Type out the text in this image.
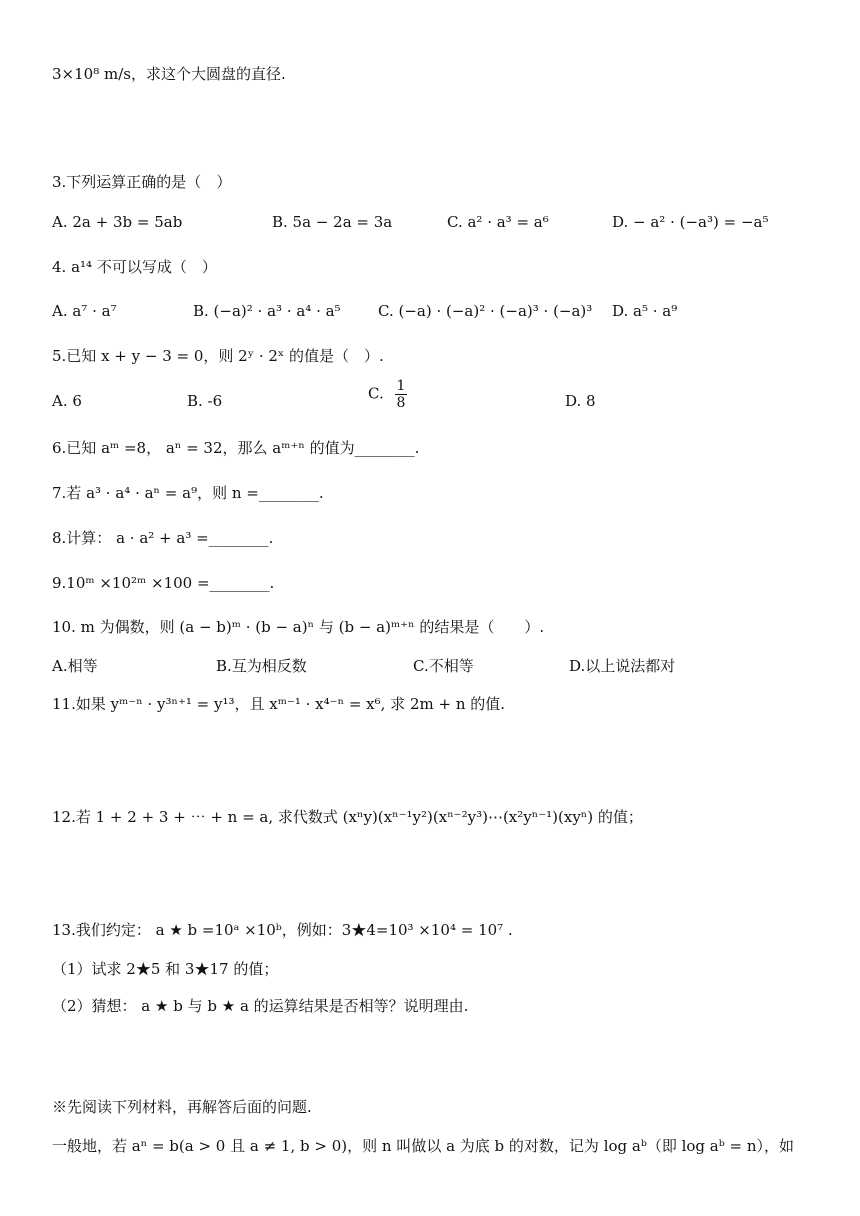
3×10⁸ m/s，求这个大圆盘的直径.
3.下列运算正确的是（　）
A. 2a + 3b = 5ab	B. 5a − 2a = 3a	C. a² · a³ = a⁶	D. − a² · (−a³) = −a⁵
4. a¹⁴ 不可以写成（　）
A. a⁷ · a⁷	B. (−a)² · a³ · a⁴ · a⁵ C. (−a) · (−a)² · (−a)³ · (−a)³ D. a⁵ · a⁹
5.已知 x + y − 3 = 0，则 2ʸ · 2ˣ 的值是（　）.
A. 6	B. -6	C. $\frac{1}{8}$	D. 8
6.已知 aᵐ =8， aⁿ = 32，那么 aᵐ⁺ⁿ 的值为________.
7.若 a³ · a⁴ · aⁿ = a⁹，则 n =________.
8.计算： a · a² + a³ =________.
9.10ᵐ ×10²ᵐ ×100 =________.
10. m 为偶数，则 (a − b)ᵐ · (b − a)ⁿ 与 (b − a)ᵐ⁺ⁿ 的结果是（　　）.
A.相等	B.互为相反数	C.不相等	D.以上说法都对
11.如果 yᵐ⁻ⁿ · y³ⁿ⁺¹ = y¹³，且 xᵐ⁻¹ · x⁴⁻ⁿ = x⁶, 求 2m + n 的值.
12.若 1 + 2 + 3 + ⋯ + n = a, 求代数式 (xⁿy)(xⁿ⁻¹y²)(xⁿ⁻²y³)⋯(x²yⁿ⁻¹)(xyⁿ) 的值；
13.我们约定： a ★ b =10ᵃ ×10ᵇ，例如：3★4=10³ ×10⁴ = 10⁷ .
（1）试求 2★5 和 3★17 的值；
（2）猜想： a ★ b 与 b ★ a 的运算结果是否相等？说明理由.
※先阅读下列材料，再解答后面的问题.
一般地，若 aⁿ = b(a > 0 且 a ≠ 1, b > 0)，则 n 叫做以 a 为底 b 的对数，记为 log aᵇ（即 log aᵇ = n），如
